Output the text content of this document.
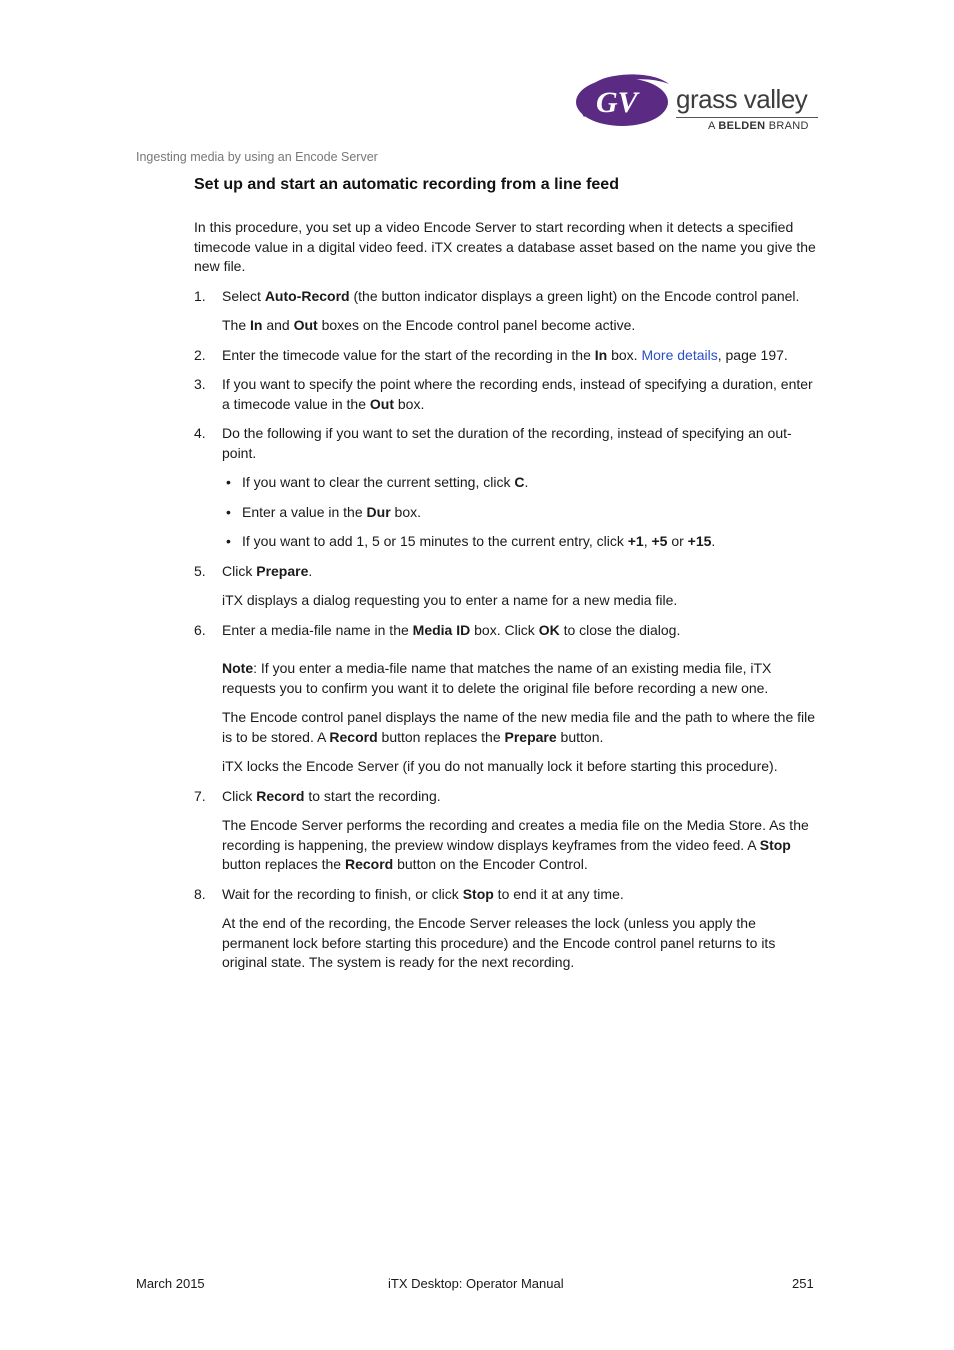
GV grass valley
A BELDEN BRAND
Ingesting media by using an Encode Server
Set up and start an automatic recording from a line feed

In this procedure, you set up a video Encode Server to start recording when it detects a specified timecode value in a digital video feed. iTX creates a database asset based on the name you give the new file.

1. Select Auto-Record (the button indicator displays a green light) on the Encode control panel.
The In and Out boxes on the Encode control panel become active.
2. Enter the timecode value for the start of the recording in the In box. More details, page 197.
3. If you want to specify the point where the recording ends, instead of specifying a duration, enter a timecode value in the Out box.
4. Do the following if you want to set the duration of the recording, instead of specifying an out-point.
• If you want to clear the current setting, click C.
• Enter a value in the Dur box.
• If you want to add 1, 5 or 15 minutes to the current entry, click +1, +5 or +15.
5. Click Prepare.
iTX displays a dialog requesting you to enter a name for a new media file.
6. Enter a media-file name in the Media ID box. Click OK to close the dialog.
Note: If you enter a media-file name that matches the name of an existing media file, iTX requests you to confirm you want it to delete the original file before recording a new one.
The Encode control panel displays the name of the new media file and the path to where the file is to be stored. A Record button replaces the Prepare button.
iTX locks the Encode Server (if you do not manually lock it before starting this procedure).
7. Click Record to start the recording.
The Encode Server performs the recording and creates a media file on the Media Store. As the recording is happening, the preview window displays keyframes from the video feed. A Stop button replaces the Record button on the Encoder Control.
8. Wait for the recording to finish, or click Stop to end it at any time.
At the end of the recording, the Encode Server releases the lock (unless you apply the permanent lock before starting this procedure) and the Encode control panel returns to its original state. The system is ready for the next recording.
March 2015	iTX Desktop: Operator Manual	251
